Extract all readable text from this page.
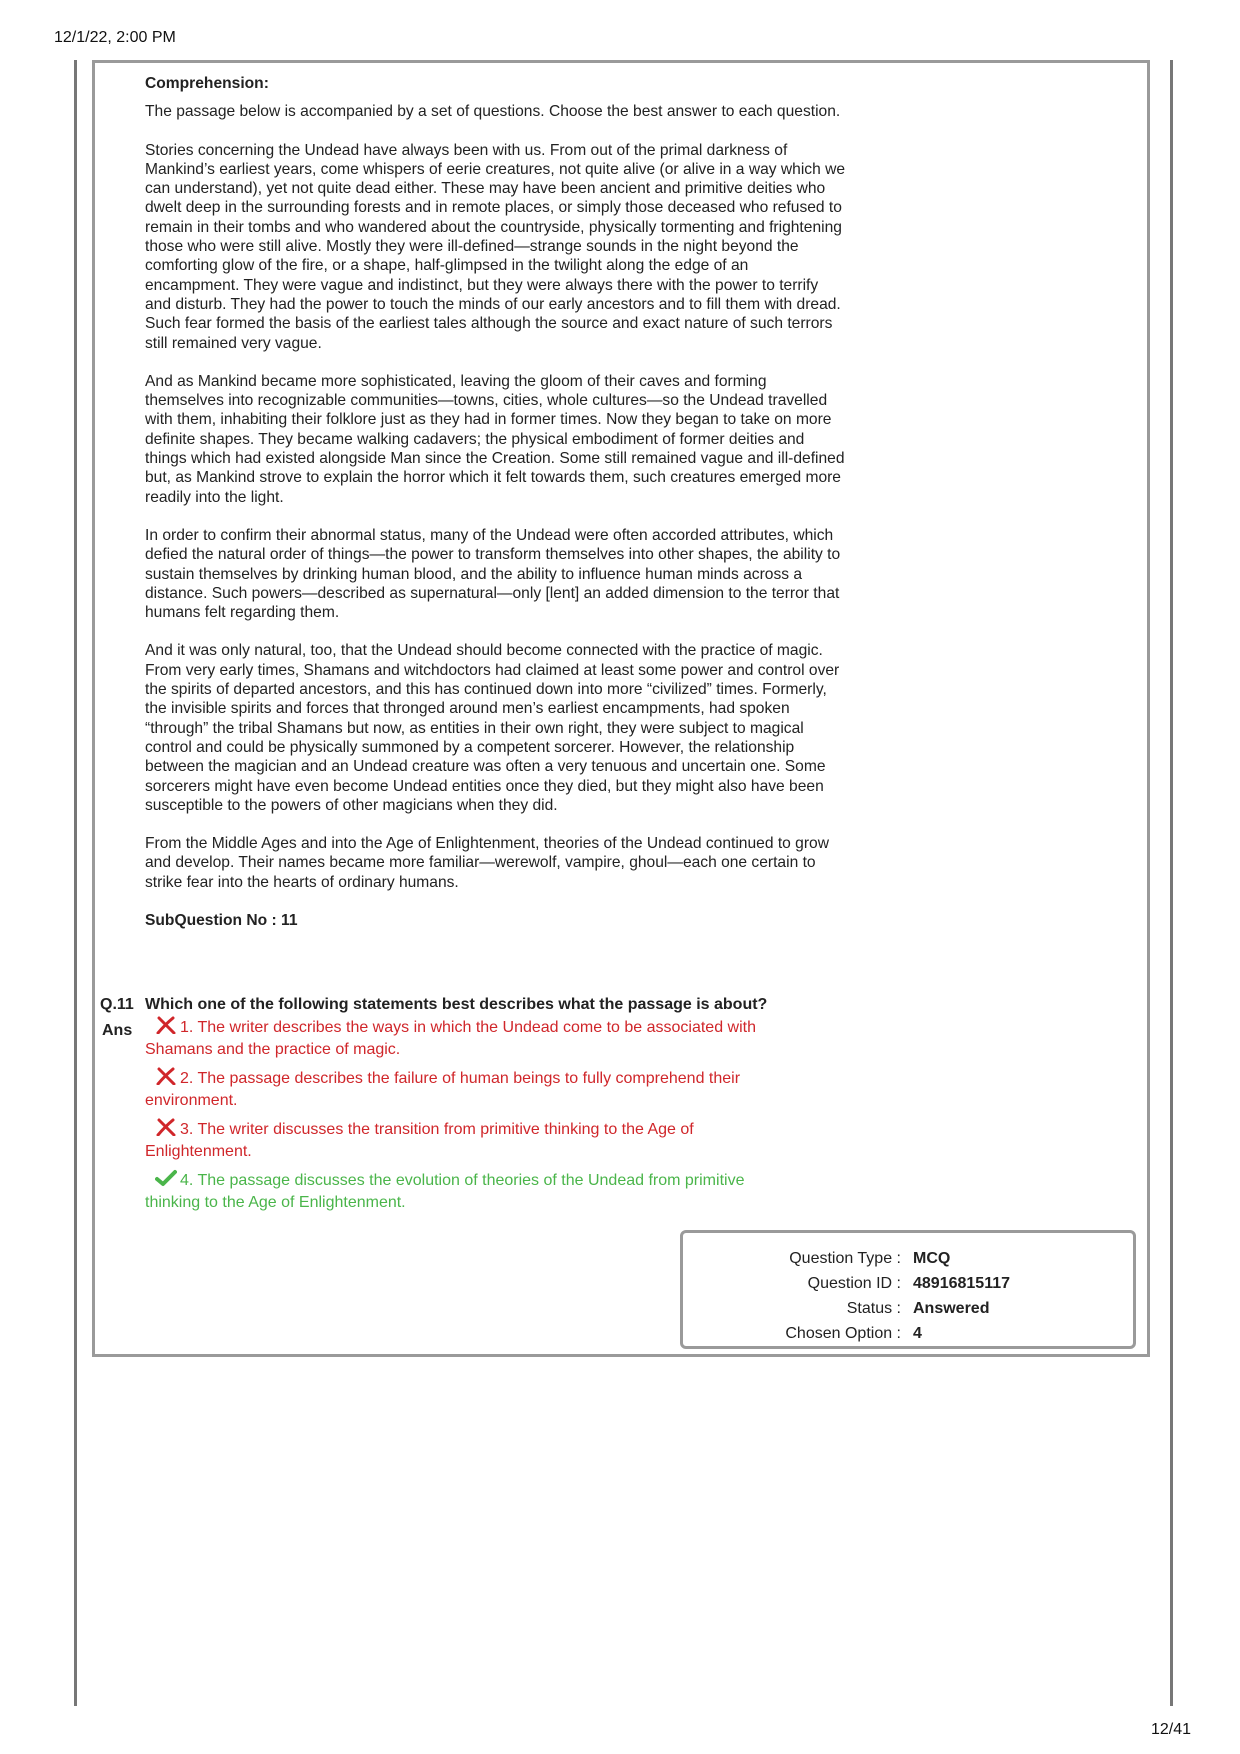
12/1/22, 2:00 PM
Comprehension:

The passage below is accompanied by a set of questions. Choose the best answer to each question.

Stories concerning the Undead have always been with us. From out of the primal darkness of Mankind’s earliest years, come whispers of eerie creatures, not quite alive (or alive in a way which we can understand), yet not quite dead either. These may have been ancient and primitive deities who dwelt deep in the surrounding forests and in remote places, or simply those deceased who refused to remain in their tombs and who wandered about the countryside, physically tormenting and frightening those who were still alive. Mostly they were ill-defined—strange sounds in the night beyond the comforting glow of the fire, or a shape, half-glimpsed in the twilight along the edge of an encampment. They were vague and indistinct, but they were always there with the power to terrify and disturb. They had the power to touch the minds of our early ancestors and to fill them with dread. Such fear formed the basis of the earliest tales although the source and exact nature of such terrors still remained very vague.

And as Mankind became more sophisticated, leaving the gloom of their caves and forming themselves into recognizable communities—towns, cities, whole cultures—so the Undead travelled with them, inhabiting their folklore just as they had in former times. Now they began to take on more definite shapes. They became walking cadavers; the physical embodiment of former deities and things which had existed alongside Man since the Creation. Some still remained vague and ill-defined but, as Mankind strove to explain the horror which it felt towards them, such creatures emerged more readily into the light.

In order to confirm their abnormal status, many of the Undead were often accorded attributes, which defied the natural order of things—the power to transform themselves into other shapes, the ability to sustain themselves by drinking human blood, and the ability to influence human minds across a distance. Such powers—described as supernatural—only [lent] an added dimension to the terror that humans felt regarding them.

And it was only natural, too, that the Undead should become connected with the practice of magic. From very early times, Shamans and witchdoctors had claimed at least some power and control over the spirits of departed ancestors, and this has continued down into more “civilized” times. Formerly, the invisible spirits and forces that thronged around men’s earliest encampments, had spoken “through” the tribal Shamans but now, as entities in their own right, they were subject to magical control and could be physically summoned by a competent sorcerer. However, the relationship between the magician and an Undead creature was often a very tenuous and uncertain one. Some sorcerers might have even become Undead entities once they died, but they might also have been susceptible to the powers of other magicians when they did.

From the Middle Ages and into the Age of Enlightenment, theories of the Undead continued to grow and develop. Their names became more familiar—werewolf, vampire, ghoul—each one certain to strike fear into the hearts of ordinary humans.

SubQuestion No : 11
Q.11 Which one of the following statements best describes what the passage is about?
Ans	1. The writer describes the ways in which the Undead come to be associated with Shamans and the practice of magic.
2. The passage describes the failure of human beings to fully comprehend their environment.
3. The writer discusses the transition from primitive thinking to the Age of Enlightenment.
4. The passage discusses the evolution of theories of the Undead from primitive thinking to the Age of Enlightenment.
Question Type : MCQ
Question ID : 48916815117
Status : Answered
Chosen Option : 4
12/41
